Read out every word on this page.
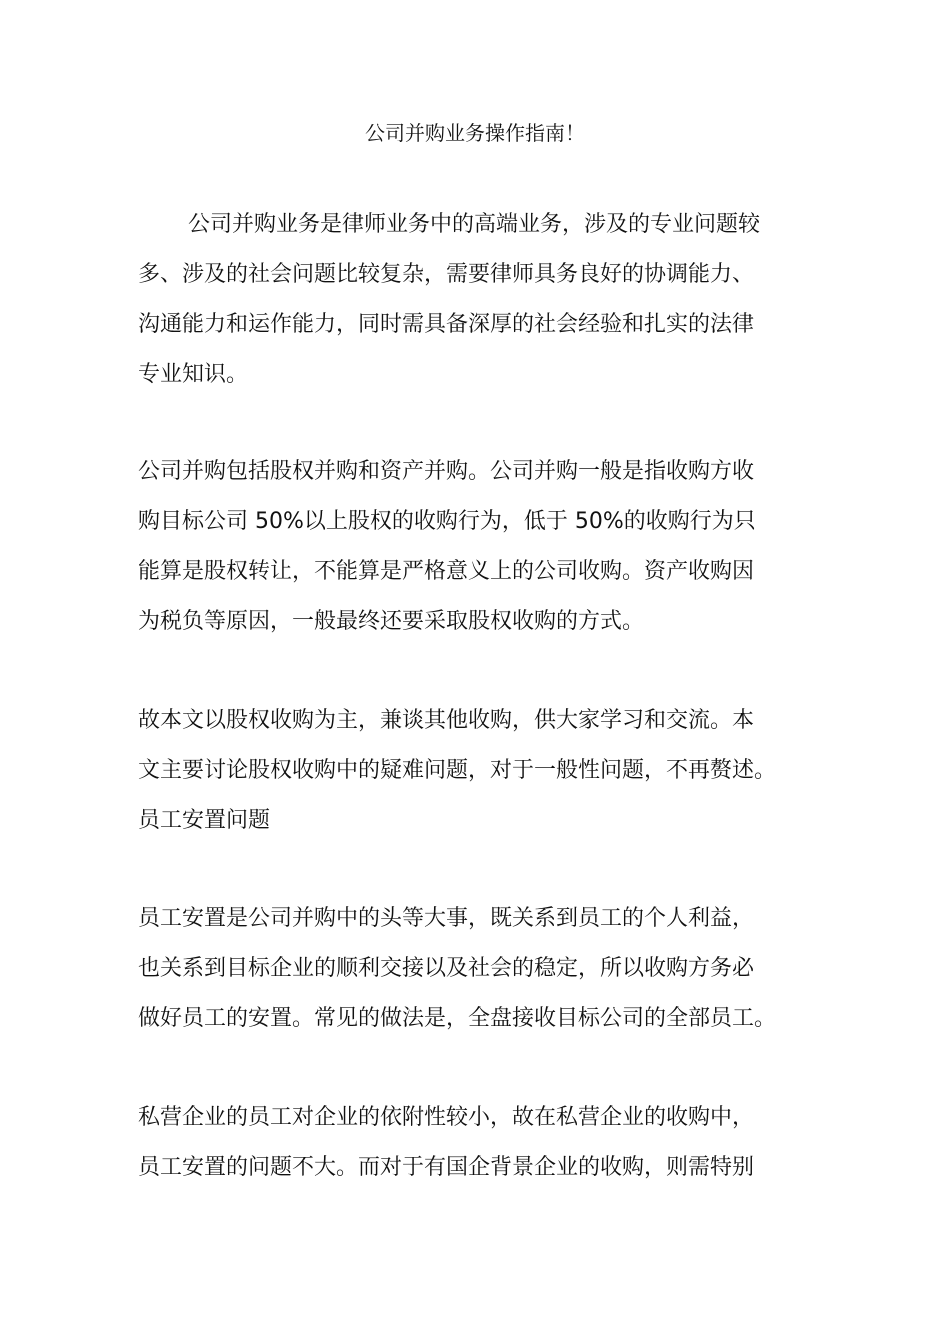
公司并购业务操作指南！

公司并购业务是律师业务中的高端业务，涉及的专业问题较
多、涉及的社会问题比较复杂，需要律师具务良好的协调能力、
沟通能力和运作能力，同时需具备深厚的社会经验和扎实的法律
专业知识。

公司并购包括股权并购和资产并购。公司并购一般是指收购方收
购目标公司 50%以上股权的收购行为，低于 50%的收购行为只
能算是股权转让，不能算是严格意义上的公司收购。资产收购因
为税负等原因，一般最终还要采取股权收购的方式。

故本文以股权收购为主，兼谈其他收购，供大家学习和交流。本
文主要讨论股权收购中的疑难问题，对于一般性问题，不再赘述。

员工安置问题

员工安置是公司并购中的头等大事，既关系到员工的个人利益，
也关系到目标企业的顺利交接以及社会的稳定，所以收购方务必
做好员工的安置。常见的做法是，全盘接收目标公司的全部员工。

私营企业的员工对企业的依附性较小，故在私营企业的收购中，
员工安置的问题不大。而对于有国企背景企业的收购，则需特别
